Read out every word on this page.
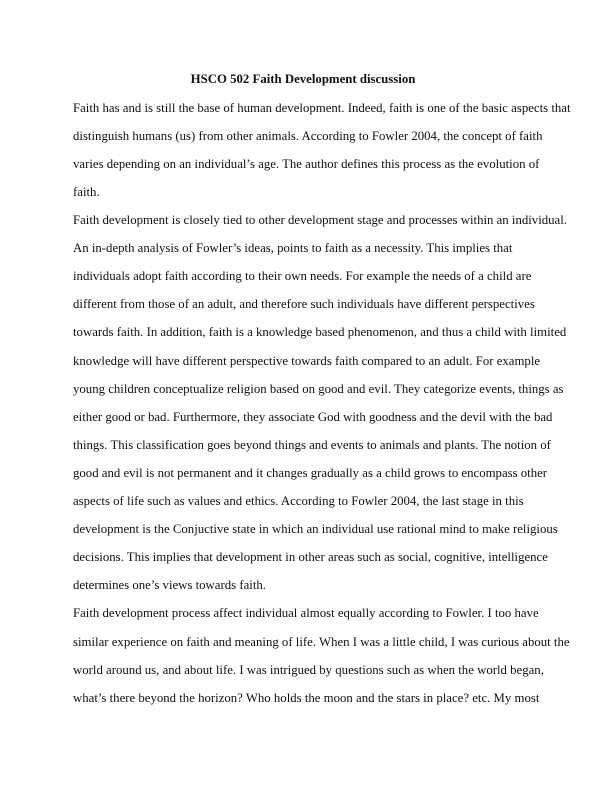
HSCO 502 Faith Development discussion

Faith has and is still the base of human development. Indeed, faith is one of the basic aspects that

distinguish humans (us) from other animals. According to Fowler 2004, the concept of faith

varies depending on an individual’s age. The author defines this process as the evolution of

faith.

Faith development is closely tied to other development stage and processes within an individual.

An in-depth analysis of Fowler’s ideas, points to faith as a necessity. This implies that

individuals adopt faith according to their own needs. For example the needs of a child are

different from those of an adult, and therefore such individuals have different perspectives

towards faith. In addition, faith is a knowledge based phenomenon, and thus a child with limited

knowledge will have different perspective towards faith compared to an adult. For example

young children conceptualize religion based on good and evil. They categorize events, things as

either good or bad. Furthermore, they associate God with goodness and the devil with the bad

things. This classification goes beyond things and events to animals and plants. The notion of

good and evil is not permanent and it changes gradually as a child grows to encompass other

aspects of life such as values and ethics. According to Fowler 2004, the last stage in this

development is the Conjuctive state in which an individual use rational mind to make religious

decisions. This implies that development in other areas such as social, cognitive, intelligence

determines one’s views towards faith.

Faith development process affect individual almost equally according to Fowler. I too have

similar experience on faith and meaning of life. When I was a little child, I was curious about the

world around us, and about life. I was intrigued by questions such as when the world began,

what’s there beyond the horizon? Who holds the moon and the stars in place? etc. My most
